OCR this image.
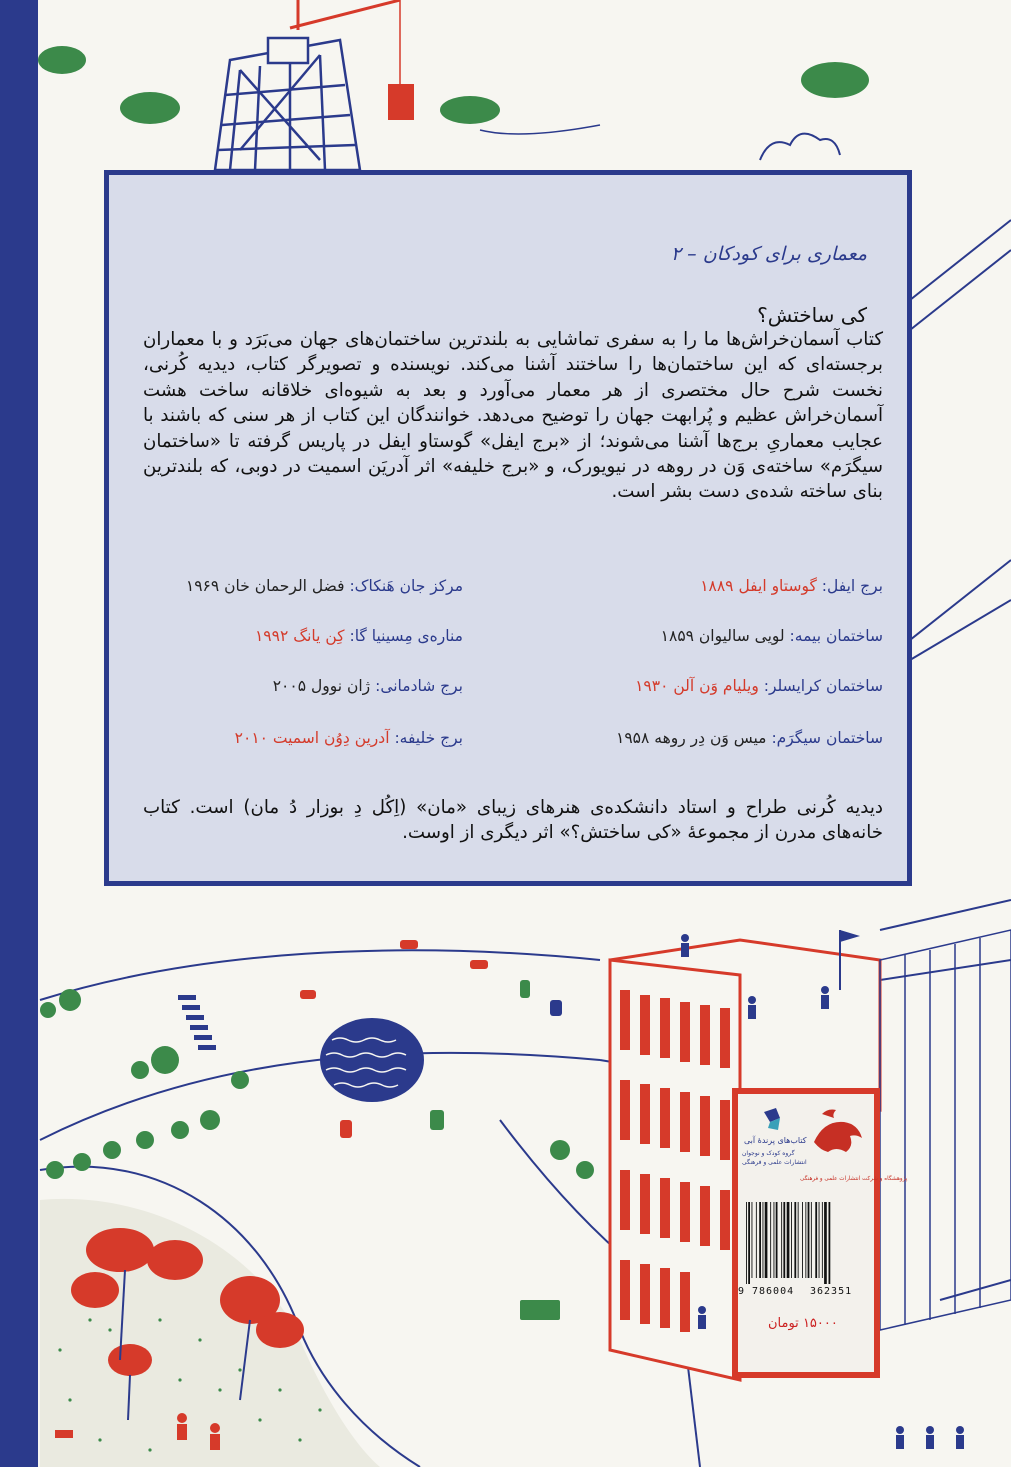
معماری برای کودکان – ۲
کی ساختش؟
کتاب آسمان‌خراش‌ها ما را به سفری تماشایی به بلندترین ساختمان‌های جهان می‌بَرَد و با معماران برجسته‌ای که این ساختمان‌ها را ساختند آشنا می‌کند. نویسنده و تصویرگر کتاب، دیدیه کُرنی، نخست شرح حال مختصری از هر معمار می‌آورد و بعد به شیوه‌ای خلاقانه ساخت هشت آسمان‌خراش عظیم و پُرابهت جهان را توضیح می‌دهد. خوانندگان این کتاب از هر سنی که باشند با عجایب معماریِ برج‌ها آشنا می‌شوند؛ از «برج ایفل» گوستاو ایفل در پاریس گرفته تا «ساختمان سیگرَم» ساخته‌ی وَن در روهه در نیویورک، و «برج خلیفه» اثر آدریَن اسمیت در دوبی، که بلندترین بنای ساخته شده‌ی دست بشر است.
برج ایفل: گوستاو ایفل ۱۸۸۹
مرکز جان هَنکاک: فضل الرحمان خان ۱۹۶۹
ساختمان بیمه: لویی سالیوان ۱۸۵۹
مناره‌ی مِسینیا گا: کِن یانگ ۱۹۹۲
ساختمان کرایسلر: ویلیام وَن آلن ۱۹۳۰
برج شادمانی: ژان نوول ۲۰۰۵
ساختمان سیگرَم: میس وَن دِر روهه ۱۹۵۸
برج خلیفه: آدرین دِوُن اسمیت ۲۰۱۰
دیدیه کُرنی طراح و استاد دانشکده‌ی هنرهای زیبای «مان» (اِکُل دِ بوزار دُ مان) است. کتاب خانه‌های مدرن از مجموعهٔ «کی ساختش؟» اثر دیگری از اوست.
کتاب‌های پرندهٔ آبی
گروه کودک و نوجوان
انتشارات علمی و فرهنگی
پژوهشگاه و شرکت انتشارات علمی و فرهنگی
9 786004 362351
۱۵۰۰۰ تومان
